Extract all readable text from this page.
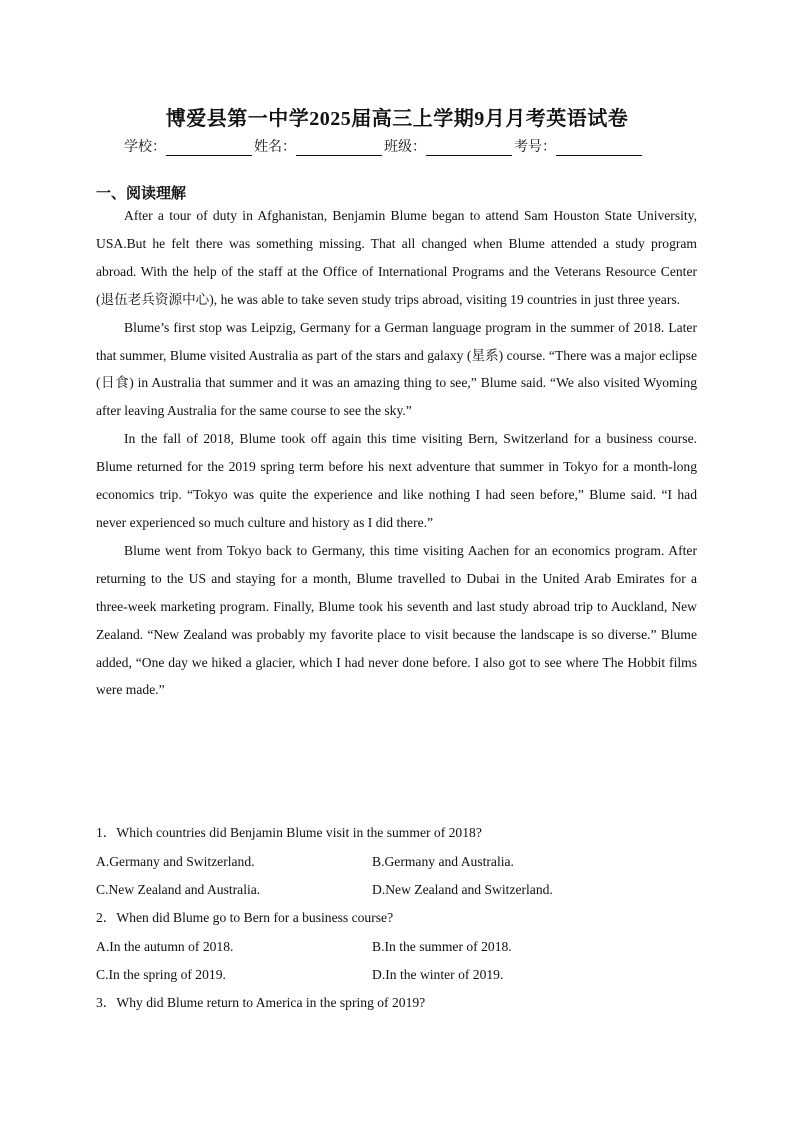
博爱县第一中学2025届高三上学期9月月考英语试卷
学校：	姓名：	班级：	考号：
一、阅读理解

After a tour of duty in Afghanistan, Benjamin Blume began to attend Sam Houston State University, USA.But he felt there was something missing. That all changed when Blume attended a study program abroad. With the help of the staff at the Office of International Programs and the Veterans Resource Center (退伍老兵资源中心), he was able to take seven study trips abroad, visiting 19 countries in just three years.

Blume’s first stop was Leipzig, Germany for a German language program in the summer of 2018. Later that summer, Blume visited Australia as part of the stars and galaxy (星系) course. “There was a major eclipse (日食) in Australia that summer and it was an amazing thing to see,” Blume said. “We also visited Wyoming after leaving Australia for the same course to see the sky.”

In the fall of 2018, Blume took off again this time visiting Bern, Switzerland for a business course. Blume returned for the 2019 spring term before his next adventure that summer in Tokyo for a month-long economics trip. “Tokyo was quite the experience and like nothing I had seen before,” Blume said. “I had never experienced so much culture and history as I did there.”

Blume went from Tokyo back to Germany, this time visiting Aachen for an economics program. After returning to the US and staying for a month, Blume travelled to Dubai in the United Arab Emirates for a three-week marketing program. Finally, Blume took his seventh and last study abroad trip to Auckland, New Zealand. “New Zealand was probably my favorite place to visit because the landscape is so diverse.” Blume added, “One day we hiked a glacier, which I had never done before. I also got to see where The Hobbit films were made.”

1．Which countries did Benjamin Blume visit in the summer of 2018?
A.Germany and Switzerland.	B.Germany and Australia.
C.New Zealand and Australia.	D.New Zealand and Switzerland.
2．When did Blume go to Bern for a business course?
A.In the autumn of 2018.	B.In the summer of 2018.
C.In the spring of 2019.	D.In the winter of 2019.
3．Why did Blume return to America in the spring of 2019?
